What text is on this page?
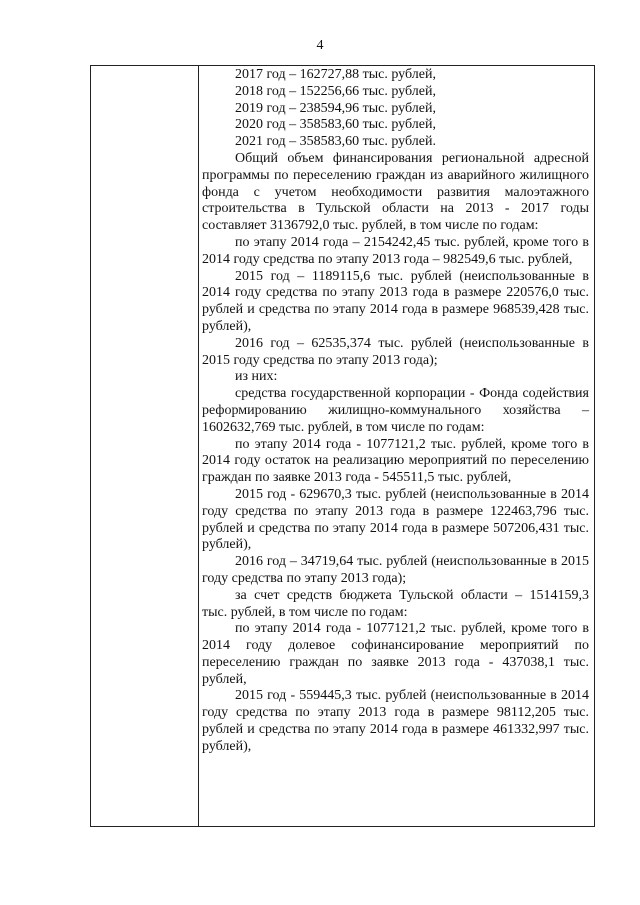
4

2017 год – 162727,88 тыс. рублей,

2018 год – 152256,66 тыс. рублей,

2019 год – 238594,96 тыс. рублей,

2020 год – 358583,60 тыс. рублей,

2021 год – 358583,60 тыс. рублей.

Общий объем финансирования региональной адресной программы по переселению граждан из аварийного жилищного фонда с учетом необходимости развития малоэтажного строительства в Тульской области на 2013 - 2017 годы составляет 3136792,0 тыс. рублей, в том числе по годам:

по этапу 2014 года – 2154242,45 тыс. рублей, кроме того в 2014 году средства по этапу 2013 года – 982549,6 тыс. рублей,

2015 год – 1189115,6 тыс. рублей (неиспользованные в 2014 году средства по этапу 2013 года в размере 220576,0 тыс. рублей и средства по этапу 2014 года в размере 968539,428 тыс. рублей),

2016 год – 62535,374 тыс. рублей (неиспользованные в 2015 году средства по этапу 2013 года);

из них:

средства государственной корпорации - Фонда содействия реформированию жилищно-коммунального хозяйства – 1602632,769 тыс. рублей, в том числе по годам:

по этапу 2014 года - 1077121,2 тыс. рублей, кроме того в 2014 году остаток на реализацию мероприятий по переселению граждан по заявке 2013 года - 545511,5 тыс. рублей,

2015 год - 629670,3 тыс. рублей (неиспользованные в 2014 году средства по этапу 2013 года в размере 122463,796 тыс. рублей и средства по этапу 2014 года в размере 507206,431 тыс. рублей),

2016 год – 34719,64 тыс. рублей (неиспользованные в 2015 году средства по этапу 2013 года);

за счет средств бюджета Тульской области – 1514159,3 тыс. рублей, в том числе по годам:

по этапу 2014 года - 1077121,2 тыс. рублей, кроме того в 2014 году долевое софинансирование мероприятий по переселению граждан по заявке 2013 года - 437038,1 тыс. рублей,

2015 год - 559445,3 тыс. рублей (неиспользованные в 2014 году средства по этапу 2013 года в размере 98112,205 тыс. рублей и средства по этапу 2014 года в размере 461332,997 тыс. рублей),
